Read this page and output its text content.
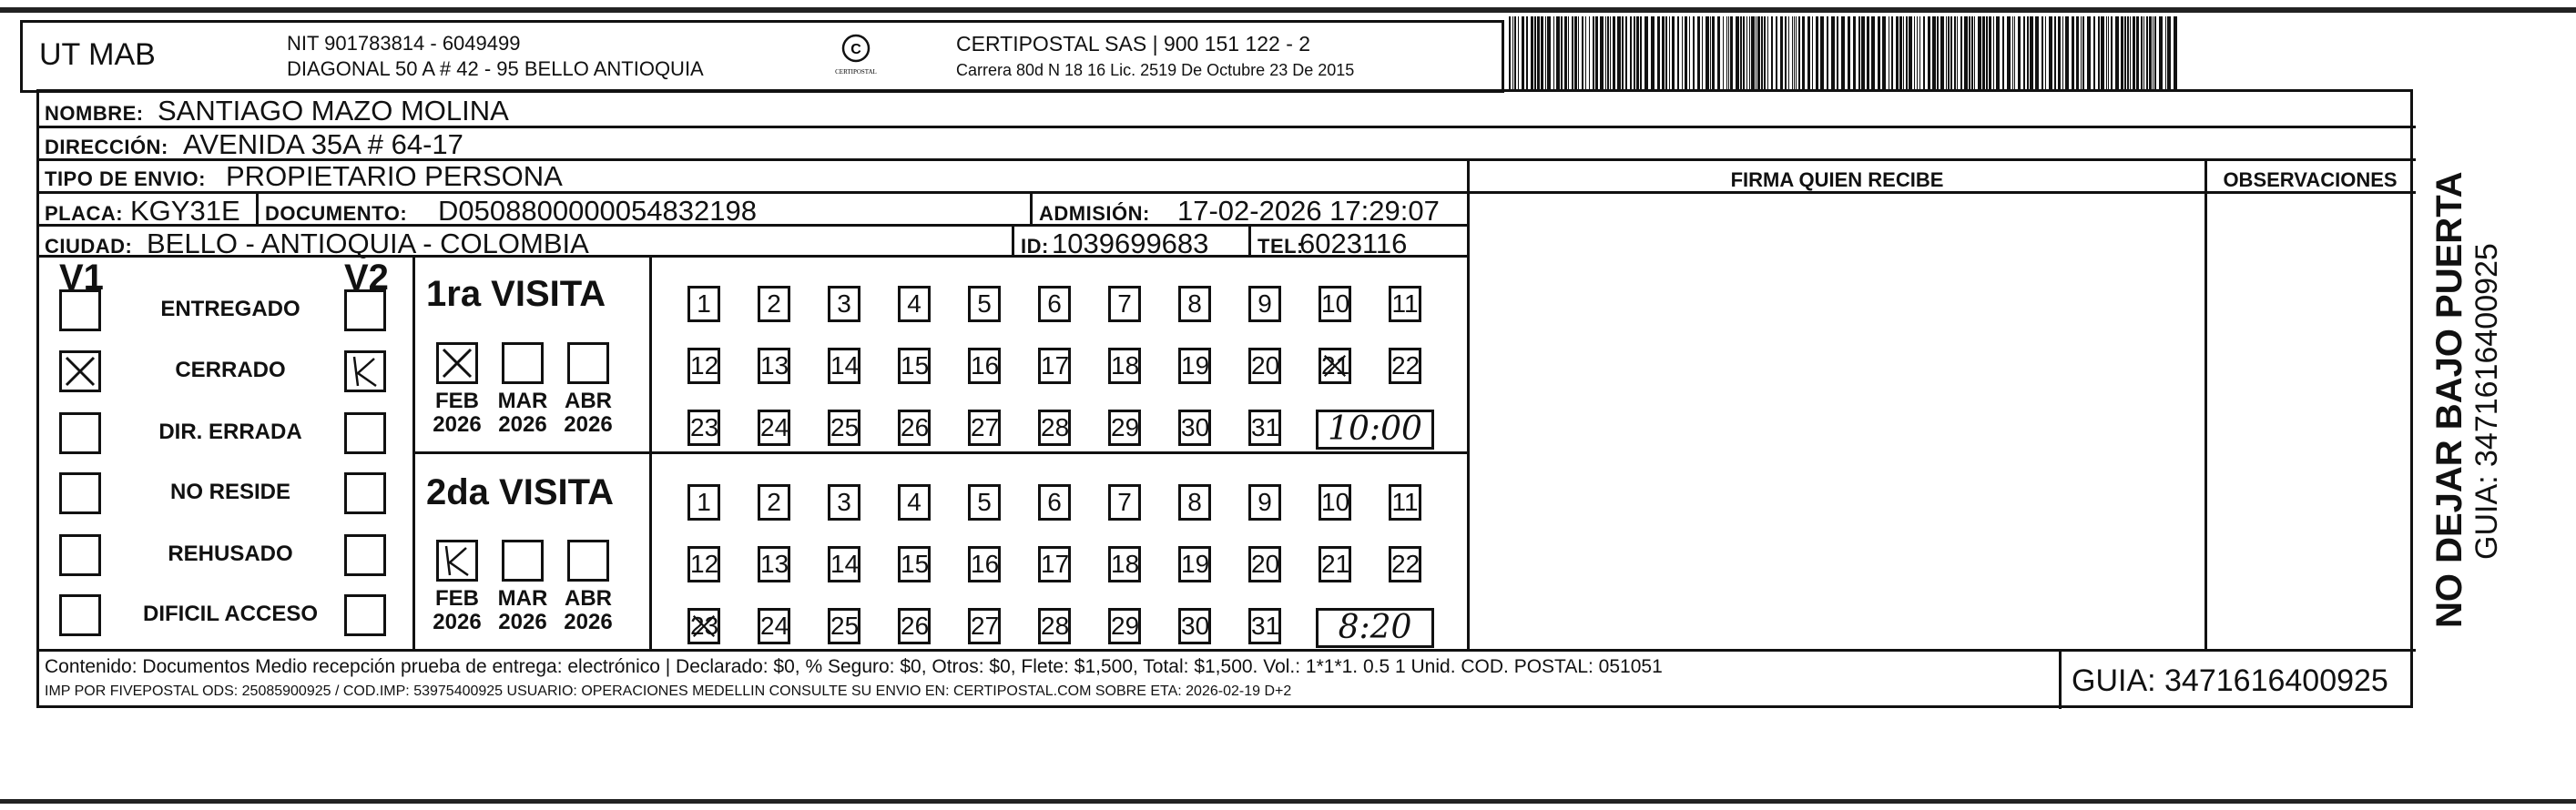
UT MAB	NIT 901783814 - 6049499
DIAGONAL 50 A # 42 - 95 BELLO ANTIOQUIA
C
CERTIPOSTAL
CERTIPOSTAL SAS | 900 151 122 - 2
Carrera 80d N 18 16 Lic. 2519 De Octubre 23 De 2015
NOMBRE: SANTIAGO MAZO MOLINA
DIRECCIÓN: AVENIDA 35A # 64-17
TIPO DE ENVIO: PROPIETARIO PERSONA
PLACA: KGY31E DOCUMENTO: D0508800000054832198	ADMISIÓN: 17-02-2026 17:29:07
CIUDAD: BELLO - ANTIOQUIA - COLOMBIA	ID: 1039699683 TEL:
6023116
FIRMA QUIEN RECIBE	OBSERVACIONES
V1	V2
ENTREGADO
CERRADO
DIR. ERRADA
NO RESIDE
REHUSADO
DIFICIL ACCESO
1ra VISITA
FEB
2026
MAR
2026
ABR
2026
1	2	3	4	5	6	7	8	9	10 11
12 13 14 15 16 17 18 19 20 21 22
23 24 25 26 27 28 29 30 31	10:00
2da VISITA
FEB
2026
MAR
2026
ABR
2026
1	2	3	4	5	6	7	8	9	10 11
12 13 14 15 16 17 18 19 20 21 22
23 24 25 26 27 28 29 30 31	8:20
Contenido: Documentos Medio recepción prueba de entrega: electrónico | Declarado: $0, % Seguro: $0, Otros: $0, Flete: $1,500, Total: $1,500. Vol.: 1*1*1. 0.5 1 Unid. COD. POSTAL: 051051
IMP POR FIVEPOSTAL ODS: 25085900925 / COD.IMP: 53975400925 USUARIO: OPERACIONES MEDELLIN CONSULTE SU ENVIO EN: CERTIPOSTAL.COM SOBRE ETA: 2026-02-19 D+2	GUIA: 3471616400925
NO DEJAR BAJO PUERTA GUIA: 3471616400925
